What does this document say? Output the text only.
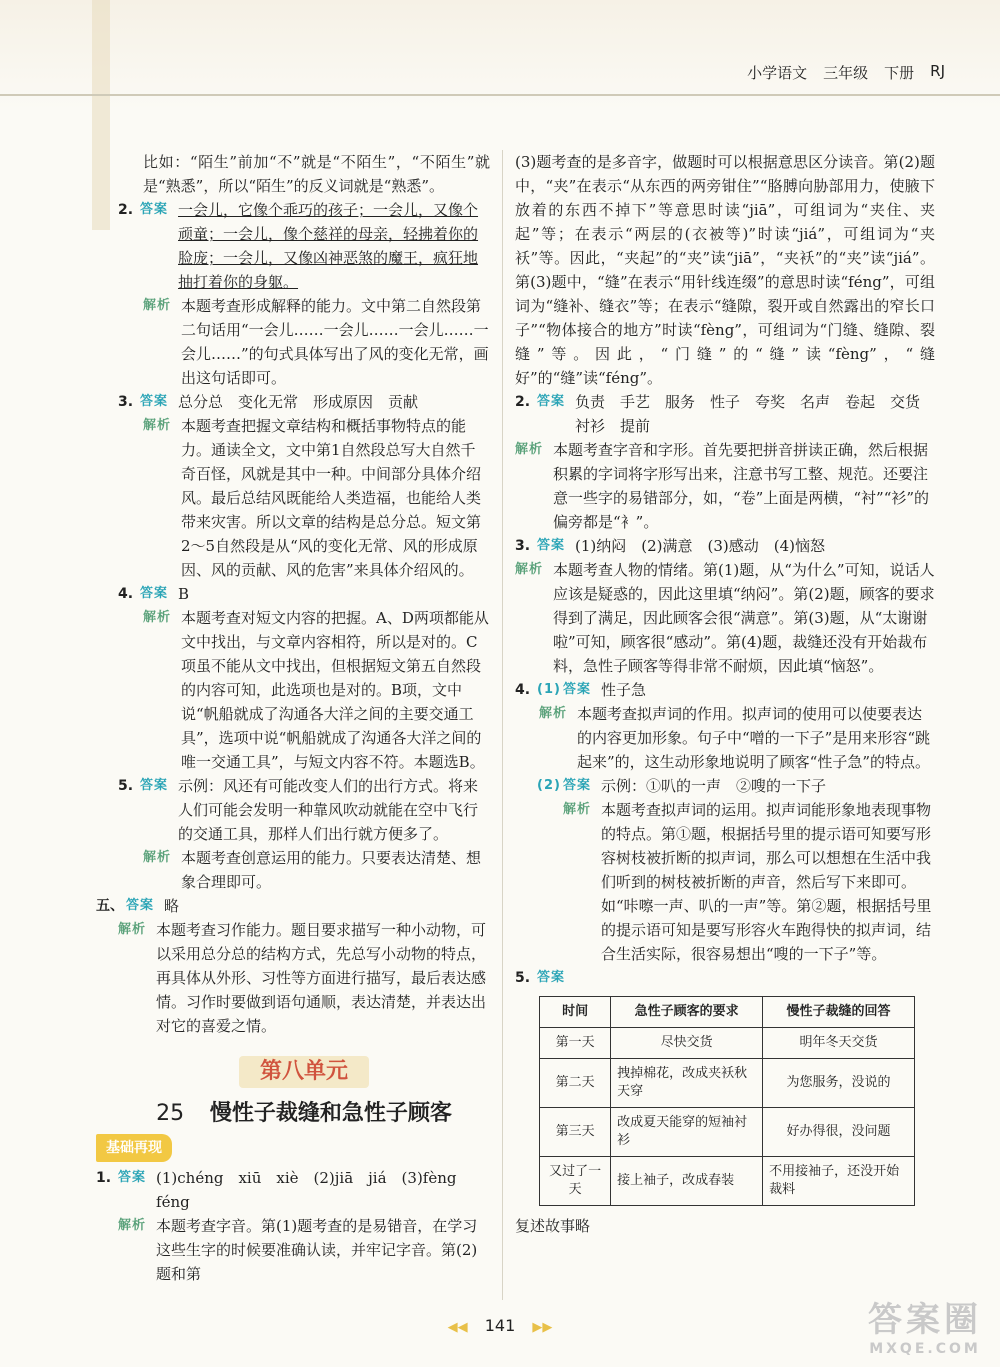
小学语文 三年级 下册 RJ

比如：“陌生”前加“不”就是“不陌生”，“不陌生”就是“熟悉”，所以“陌生”的反义词就是“熟悉”。

2. 答案 一会儿，它像个乖巧的孩子；一会儿，又像个顽童；一会儿，像个慈祥的母亲，轻拂着你的脸庞；一会儿，又像凶神恶煞的魔王，疯狂地抽打着你的身躯。
解析 本题考查形成解释的能力。文中第二自然段第二句话用“一会儿……一会儿……一会儿……一会儿……”的句式具体写出了风的变化无常，画出这句话即可。
3. 答案 总分总　变化无常　形成原因　贡献
解析 本题考查把握文章结构和概括事物特点的能力。通读全文，文中第1自然段总写大自然千奇百怪，风就是其中一种。中间部分具体介绍风。最后总结风既能给人类造福，也能给人类带来灾害。所以文章的结构是总分总。短文第2～5自然段是从“风的变化无常、风的形成原因、风的贡献、风的危害”来具体介绍风的。
4. 答案 B
解析 本题考查对短文内容的把握。A、D两项都能从文中找出，与文章内容相符，所以是对的。C项虽不能从文中找出，但根据短文第五自然段的内容可知，此选项也是对的。B项，文中说“帆船就成了沟通各大洋之间的主要交通工具”，选项中说“帆船就成了沟通各大洋之间的唯一交通工具”，与短文内容不符。本题选B。
5. 答案 示例：风还有可能改变人们的出行方式。将来人们可能会发明一种靠风吹动就能在空中飞行的交通工具，那样人们出行就方便多了。
解析 本题考查创意运用的能力。只要表达清楚、想象合理即可。
五、 答案 略
解析 本题考查习作能力。题目要求描写一种小动物，可以采用总分总的结构方式，先总写小动物的特点，再具体从外形、习性等方面进行描写，最后表达感情。习作时要做到语句通顺，表达清楚，并表达出对它的喜爱之情。
第八单元
25 慢性子裁缝和急性子顾客
基础再现
1. 答案 (1)chéng　xiū　xiè　(2)jiā　jiá　(3)fèng　féng
解析 本题考查字音。第(1)题考查的是易错音，在学习这些生字的时候要准确认读，并牢记字音。第(2)题和第

(3)题考查的是多音字，做题时可以根据意思区分读音。第(2)题中，“夹”在表示“从东西的两旁钳住”“胳膊向胁部用力，使腋下放着的东西不掉下”等意思时读“jiā”，可组词为“夹住、夹起”等；在表示“两层的(衣被等)”时读“jiá”，可组词为“夹袄”等。因此，“夹起”的“夹”读“jiā”，“夹袄”的“夹”读“jiá”。第(3)题中，“缝”在表示“用针线连缀”的意思时读“féng”，可组词为“缝补、缝衣”等；在表示“缝隙，裂开或自然露出的窄长口子”“物体接合的地方”时读“fèng”，可组词为“门缝、缝隙、裂缝”等。因此，“门缝”的“缝”读“fèng”，“缝好”的“缝”读“féng”。

2. 答案 负责　手艺　服务　性子　夸奖　名声　卷起　交货　衬衫　提前
解析 本题考查字音和字形。首先要把拼音拼读正确，然后根据积累的字词将字形写出来，注意书写工整、规范。还要注意一些字的易错部分，如，“卷”上面是两横，“衬”“衫”的偏旁都是“衤”。
3. 答案 (1)纳闷　(2)满意　(3)感动　(4)恼怒
解析 本题考查人物的情绪。第(1)题，从“为什么”可知，说话人应该是疑惑的，因此这里填“纳闷”。第(2)题，顾客的要求得到了满足，因此顾客会很“满意”。第(3)题，从“太谢谢啦”可知，顾客很“感动”。第(4)题，裁缝还没有开始裁布料，急性子顾客等得非常不耐烦，因此填“恼怒”。
4. (1) 答案 性子急
解析 本题考查拟声词的作用。拟声词的使用可以使要表达的内容更加形象。句子中“噌的一下子”是用来形容“跳起来”的，这生动形象地说明了顾客“性子急”的特点。
(2) 答案 示例：①叭的一声　②嗖的一下子
解析 本题考查拟声词的运用。拟声词能形象地表现事物的特点。第①题，根据括号里的提示语可知要写形容树枝被折断的拟声词，那么可以想想在生活中我们听到的树枝被折断的声音，然后写下来即可。如“咔嚓一声、叭的一声”等。第②题，根据括号里的提示语可知是要写形容火车跑得快的拟声词，结合生活实际，很容易想出“嗖的一下子”等。
5. 答案
时间	急性子顾客的要求	慢性子裁缝的回答
第一天	尽快交货	明年冬天交货
第二天	拽掉棉花，改成夹袄秋天穿	为您服务，没说的
第三天	改成夏天能穿的短袖衬衫	好办得很，没问题
又过了一天	接上袖子，改成春装	不用接袖子，还没开始裁料

复述故事略

◀◀ 141 ▶▶	答案圈
MXQE.COM
